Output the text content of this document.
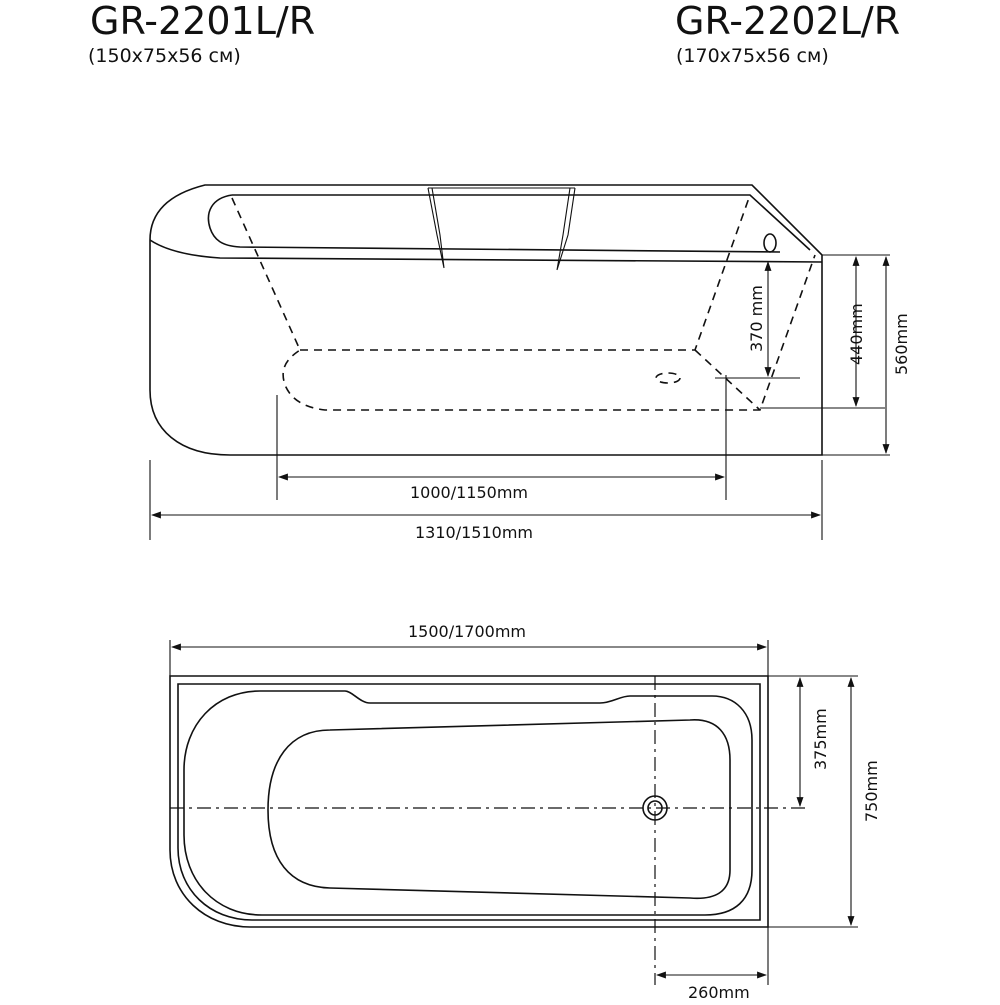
GR-2201L/R
(150x75x56 см)
GR-2202L/R
(170x75x56 см)
370 mm	440mm 560mm
1000/1150mm
1310/1510mm
1500/1700mm
375mm
750mm
260mm
